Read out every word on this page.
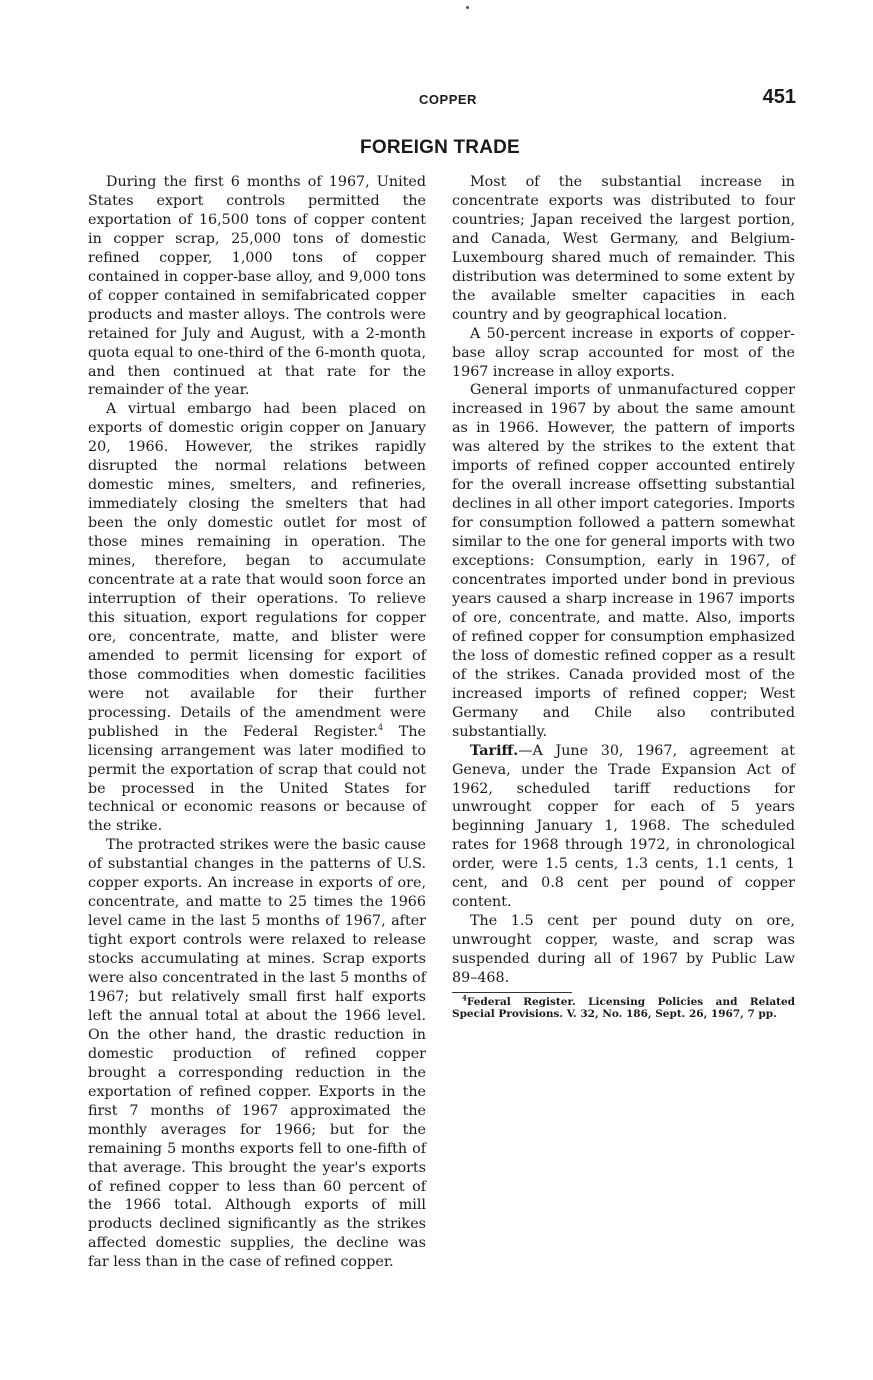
COPPER	451
FOREIGN TRADE

During the first 6 months of 1967, United States export controls permitted the exportation of 16,500 tons of copper content in copper scrap, 25,000 tons of domestic refined copper, 1,000 tons of copper contained in copper-base alloy, and 9,000 tons of copper contained in semifabricated copper products and master alloys. The controls were retained for July and August, with a 2-month quota equal to one-third of the 6-month quota, and then continued at that rate for the remainder of the year.

A virtual embargo had been placed on exports of domestic origin copper on January 20, 1966. However, the strikes rapidly disrupted the normal relations between domestic mines, smelters, and refineries, immediately closing the smelters that had been the only domestic outlet for most of those mines remaining in operation. The mines, therefore, began to accumulate concentrate at a rate that would soon force an interruption of their operations. To relieve this situation, export regulations for copper ore, concentrate, matte, and blister were amended to permit licensing for export of those commodities when domestic facilities were not available for their further processing. Details of the amendment were published in the Federal Register.$^4$ The licensing arrangement was later modified to permit the exportation of scrap that could not be processed in the United States for technical or economic reasons or because of the strike.

The protracted strikes were the basic cause of substantial changes in the patterns of U.S. copper exports. An increase in exports of ore, concentrate, and matte to 25 times the 1966 level came in the last 5 months of 1967, after tight export controls were relaxed to release stocks accumulating at mines. Scrap exports were also concentrated in the last 5 months of 1967; but relatively small first half exports left the annual total at about the 1966 level. On the other hand, the drastic reduction in domestic production of refined copper brought a corresponding reduction in the exportation of refined copper. Exports in the first 7 months of 1967 approximated the monthly averages for 1966; but for the remaining 5 months exports fell to one-fifth of that average. This brought the year's exports of refined copper to less than 60 percent of the 1966 total. Although exports of mill products declined significantly as the strikes affected domestic supplies, the decline was far less than in the case of refined copper.

Most of the substantial increase in concentrate exports was distributed to four countries; Japan received the largest portion, and Canada, West Germany, and Belgium-Luxembourg shared much of remainder. This distribution was determined to some extent by the available smelter capacities in each country and by geographical location.

A 50-percent increase in exports of copper-base alloy scrap accounted for most of the 1967 increase in alloy exports.

General imports of unmanufactured copper increased in 1967 by about the same amount as in 1966. However, the pattern of imports was altered by the strikes to the extent that imports of refined copper accounted entirely for the overall increase offsetting substantial declines in all other import categories. Imports for consumption followed a pattern somewhat similar to the one for general imports with two exceptions: Consumption, early in 1967, of concentrates imported under bond in previous years caused a sharp increase in 1967 imports of ore, concentrate, and matte. Also, imports of refined copper for consumption emphasized the loss of domestic refined copper as a result of the strikes. Canada provided most of the increased imports of refined copper; West Germany and Chile also contributed substantially.

Tariff.—A June 30, 1967, agreement at Geneva, under the Trade Expansion Act of 1962, scheduled tariff reductions for unwrought copper for each of 5 years beginning January 1, 1968. The scheduled rates for 1968 through 1972, in chronological order, were 1.5 cents, 1.3 cents, 1.1 cents, 1 cent, and 0.8 cent per pound of copper content.

The 1.5 cent per pound duty on ore, unwrought copper, waste, and scrap was suspended during all of 1967 by Public Law 89–468.

$^4$Federal Register. Licensing Policies and Related Special Provisions. V. 32, No. 186, Sept. 26, 1967, 7 pp.
